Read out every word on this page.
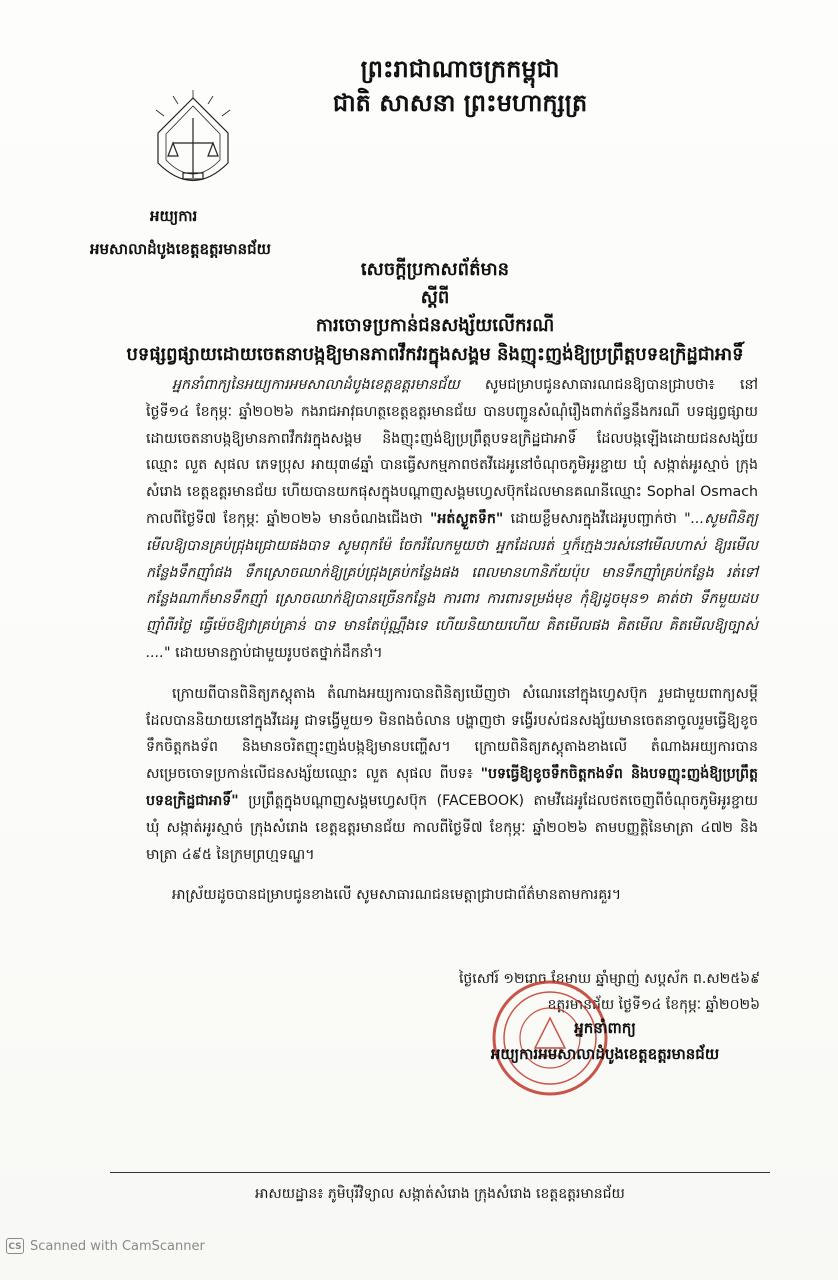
ព្រះរាជាណាចក្រកម្ពុជា
ជាតិ សាសនា ព្រះមហាក្សត្រ
អយ្យការ
អមសាលាដំបូងខេត្តឧត្តរមានជ័យ
សេចក្តីប្រកាសព័ត៌មាន
ស្តីពី
ការចោទប្រកាន់ជនសង្ស័យលើករណី
បទផ្សព្វផ្សាយដោយចេតនាបង្កឱ្យមានភាពវឹកវរក្នុងសង្គម និងញុះញង់ឱ្យប្រព្រឹត្តបទឧក្រិដ្ឋជាអាទិ៍

អ្នកនាំពាក្យនៃអយ្យការអមសាលាដំបូងខេត្តឧត្តរមានជ័យ សូមជម្រាបជូនសាធារណជនឱ្យបានជ្រាបថា៖ នៅថ្ងៃទី១៤ ខែកុម្ភៈ ឆ្នាំ២០២៦ កងរាជអាវុធហត្ថខេត្តឧត្តរមានជ័យ បានបញ្ជូនសំណុំរឿងពាក់ព័ន្ធនឹងករណី បទផ្សព្វផ្សាយដោយចេតនាបង្កឱ្យមានភាពវឹកវរក្នុងសង្គម និងញុះញង់ឱ្យប្រព្រឹត្តបទឧក្រិដ្ឋជាអាទិ៍ ដែលបង្កឡើងដោយជនសង្ស័យឈ្មោះ លួត សុផល ភេទប្រុស អាយុ៣៨ឆ្នាំ បានធ្វើសកម្មភាពថតវីដេអូនៅចំណុចភូមិអូរខ្ជាយ ឃុំ សង្កាត់អូរស្មាច់ ក្រុងសំរោង ខេត្តឧត្តរមានជ័យ ហើយបានយកផុសក្នុងបណ្តាញសង្គមហ្វេសប៊ុកដែលមានគណនីឈ្មោះ Sophal Osmach កាលពីថ្ងៃទី៧ ខែកុម្ភៈ ឆ្នាំ២០២៦ មានចំណងជើងថា "អត់ស្ងួតទឹក" ដោយខ្លឹមសារក្នុងវីដេអូបញ្ជាក់ថា "...សូមពិនិត្យមើលឱ្យបានគ្រប់ជ្រុងជ្រោយផងបាទ សូមពុកម៉ែ ចែករំលែកមួយថា អ្នកដែលរត់ ឬក៏ក្មេងៗរស់នៅមើលហាស់ ឱ្យរមើលកន្លែងទឹកញ៉ាំផង ទឹកស្រោចឈាក់ឱ្យគ្រប់ជ្រុងគ្រប់កន្លែងផង ពេលមានហានិភ័យប៉ុប មានទឹកញ៉ាំគ្រប់កន្លែង រត់ទៅកន្លែងណាក៏មានទឹកញ៉ាំ ស្រោចឈាក់ឱ្យបានច្រើនកន្លែង ការពារ ការពារទម្រង់មុខ កុំឱ្យដូចមុន១ គាត់ថា ទឹកមួយដប ញ៉ាំពីរថ្ងៃ ធ្វើម៉េចឱ្យវាគ្រប់គ្រាន់ បាទ មានតែប៉ុណ្ណឹងទេ ហើយនិយាយហើយ គិតមើលផង គិតមើល គិតមើលឱ្យច្បាស់ ...." ដោយមានភ្ជាប់ជាមួយរូបថតថ្នាក់ដឹកនាំ។

ក្រោយពីបានពិនិត្យភស្តុតាង តំណាងអយ្យការបានពិនិត្យឃើញថា សំណេរនៅក្នុងហ្វេសប៊ុក រួមជាមួយពាក្យសម្តីដែលបាននិយាយនៅក្នុងវីដេអូ ជាទង្វើមួយ១ មិនពងចំលាន បង្ហាញថា ទង្វើរបស់ជនសង្ស័យមានចេតនាចូលរួមធ្វើឱ្យខូចទឹកចិត្តកងទ័ព និងមានចរិតញុះញង់បង្កឱ្យមានបញ្ហើស។ ក្រោយពិនិត្យភស្តុតាងខាងលើ តំណាងអយ្យការបានសម្រេចចោទប្រកាន់លើជនសង្ស័យឈ្មោះ លួត សុផល ពីបទ៖ "បទធ្វើឱ្យខូចទឹកចិត្តកងទ័ព និងបទញុះញង់ឱ្យប្រព្រឹត្តបទឧក្រិដ្ឋជាអាទិ៍" ប្រព្រឹត្តក្នុងបណ្តាញសង្គមហ្វេសប៊ុក (FACEBOOK) តាមវីដេអូដែលថតចេញពីចំណុចភូមិអូរខ្ជាយ ឃុំ សង្កាត់អូរស្មាច់ ក្រុងសំរោង ខេត្តឧត្តរមានជ័យ កាលពីថ្ងៃទី៧ ខែកុម្ភៈ ឆ្នាំ២០២៦ តាមបញ្ញត្តិនៃមាត្រា ៤៧២ និងមាត្រា ៤៩៥ នៃក្រមព្រហ្មទណ្ឌ។

អាស្រ័យដូចបានជម្រាបជូនខាងលើ សូមសាធារណជនមេត្តាជ្រាបជាព័ត៌មានតាមការគួរ។

ថ្ងៃសៅរ៍ ១២រោច ខែមាឃ ឆ្នាំម្សាញ់ សប្តស័ក ព.ស២៥៦៩
ឧត្តរមានជ័យ ថ្ងៃទី១៤ ខែកុម្ភៈ ឆ្នាំ២០២៦
អ្នកនាំពាក្យ
អយ្យការអមសាលាដំបូងខេត្តឧត្តរមានជ័យ
អាសយដ្ឋាន៖ ភូមិបុរីវិទ្យាល សង្កាត់សំរោង ក្រុងសំរោង ខេត្តឧត្តរមានជ័យ
CS Scanned with CamScanner
